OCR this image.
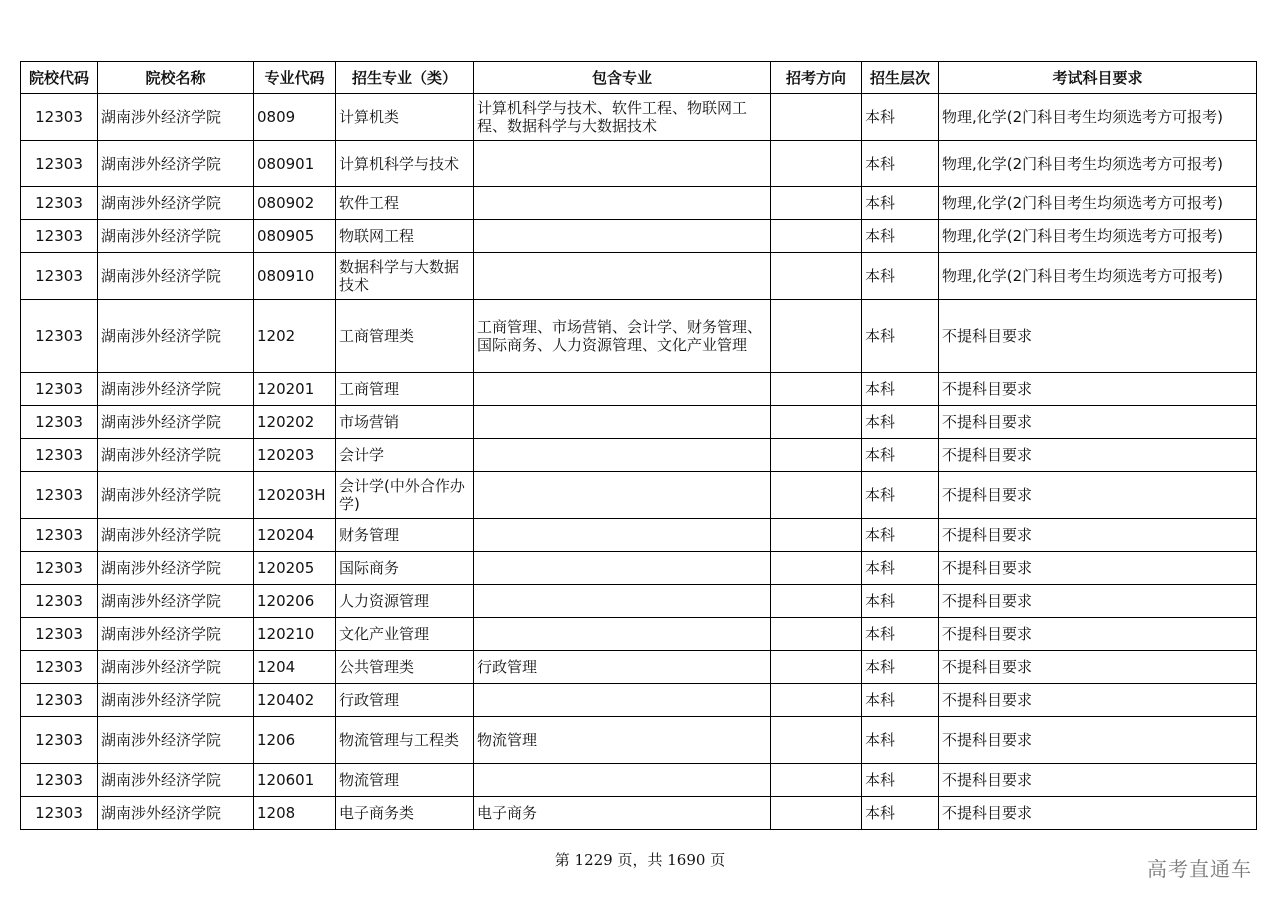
院校代码	院校名称	专业代码	招生专业（类）	包含专业	招考方向	招生层次	考试科目要求
12303	湖南涉外经济学院	0809	计算机类	计算机科学与技术、软件工程、物联网工程、数据科学与大数据技术		本科	物理,化学(2门科目考生均须选考方可报考)
12303	湖南涉外经济学院	080901	计算机科学与技术			本科	物理,化学(2门科目考生均须选考方可报考)
12303	湖南涉外经济学院	080902	软件工程			本科	物理,化学(2门科目考生均须选考方可报考)
12303	湖南涉外经济学院	080905	物联网工程			本科	物理,化学(2门科目考生均须选考方可报考)
12303	湖南涉外经济学院	080910	数据科学与大数据技术			本科	物理,化学(2门科目考生均须选考方可报考)
12303	湖南涉外经济学院	1202	工商管理类	工商管理、市场营销、会计学、财务管理、国际商务、人力资源管理、文化产业管理		本科	不提科目要求
12303	湖南涉外经济学院	120201	工商管理			本科	不提科目要求
12303	湖南涉外经济学院	120202	市场营销			本科	不提科目要求
12303	湖南涉外经济学院	120203	会计学			本科	不提科目要求
12303	湖南涉外经济学院	120203H	会计学(中外合作办学)			本科	不提科目要求
12303	湖南涉外经济学院	120204	财务管理			本科	不提科目要求
12303	湖南涉外经济学院	120205	国际商务			本科	不提科目要求
12303	湖南涉外经济学院	120206	人力资源管理			本科	不提科目要求
12303	湖南涉外经济学院	120210	文化产业管理			本科	不提科目要求
12303	湖南涉外经济学院	1204	公共管理类	行政管理		本科	不提科目要求
12303	湖南涉外经济学院	120402	行政管理			本科	不提科目要求
12303	湖南涉外经济学院	1206	物流管理与工程类	物流管理		本科	不提科目要求
12303	湖南涉外经济学院	120601	物流管理			本科	不提科目要求
12303	湖南涉外经济学院	1208	电子商务类	电子商务		本科	不提科目要求
第 1229 页，共 1690 页	高考直通车
